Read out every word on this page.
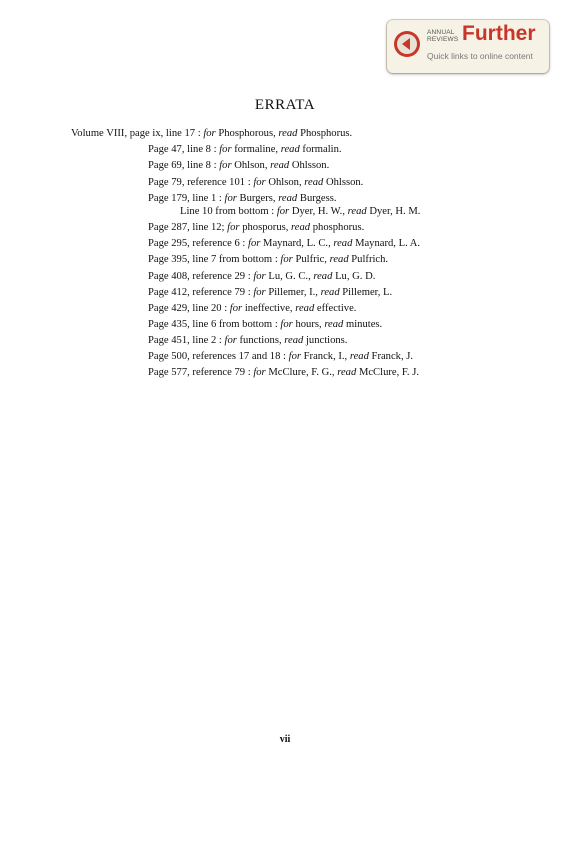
ANNUAL
REVIEWS Further
Quick links to online content
ERRATA
Volume VIII, page ix, line 17 : for Phosphorous, read Phosphorus.
Page 47, line 8 : for formaline, read formalin.
Page 69, line 8 : for Ohlson, read Ohlsson.
Page 79, reference 101 : for Ohlson, read Ohlsson.
Page 179, line 1 : for Burgers, read Burgess.
Line 10 from bottom : for Dyer, H. W., read Dyer, H. M.
Page 287, line 12; for phosporus, read phosphorus.
Page 295, reference 6 : for Maynard, L. C., read Maynard, L. A.
Page 395, line 7 from bottom : for Pulfric, read Pulfrich.
Page 408, reference 29 : for Lu, G. C., read Lu, G. D.
Page 412, reference 79 : for Pillemer, I., read Pillemer, L.
Page 429, line 20 : for ineffective, read effective.
Page 435, line 6 from bottom : for hours, read minutes.
Page 451, line 2 : for functions, read junctions.
Page 500, references 17 and 18 : for Franck, I., read Franck, J.
Page 577, reference 79 : for McClure, F. G., read McClure, F. J.
vii
